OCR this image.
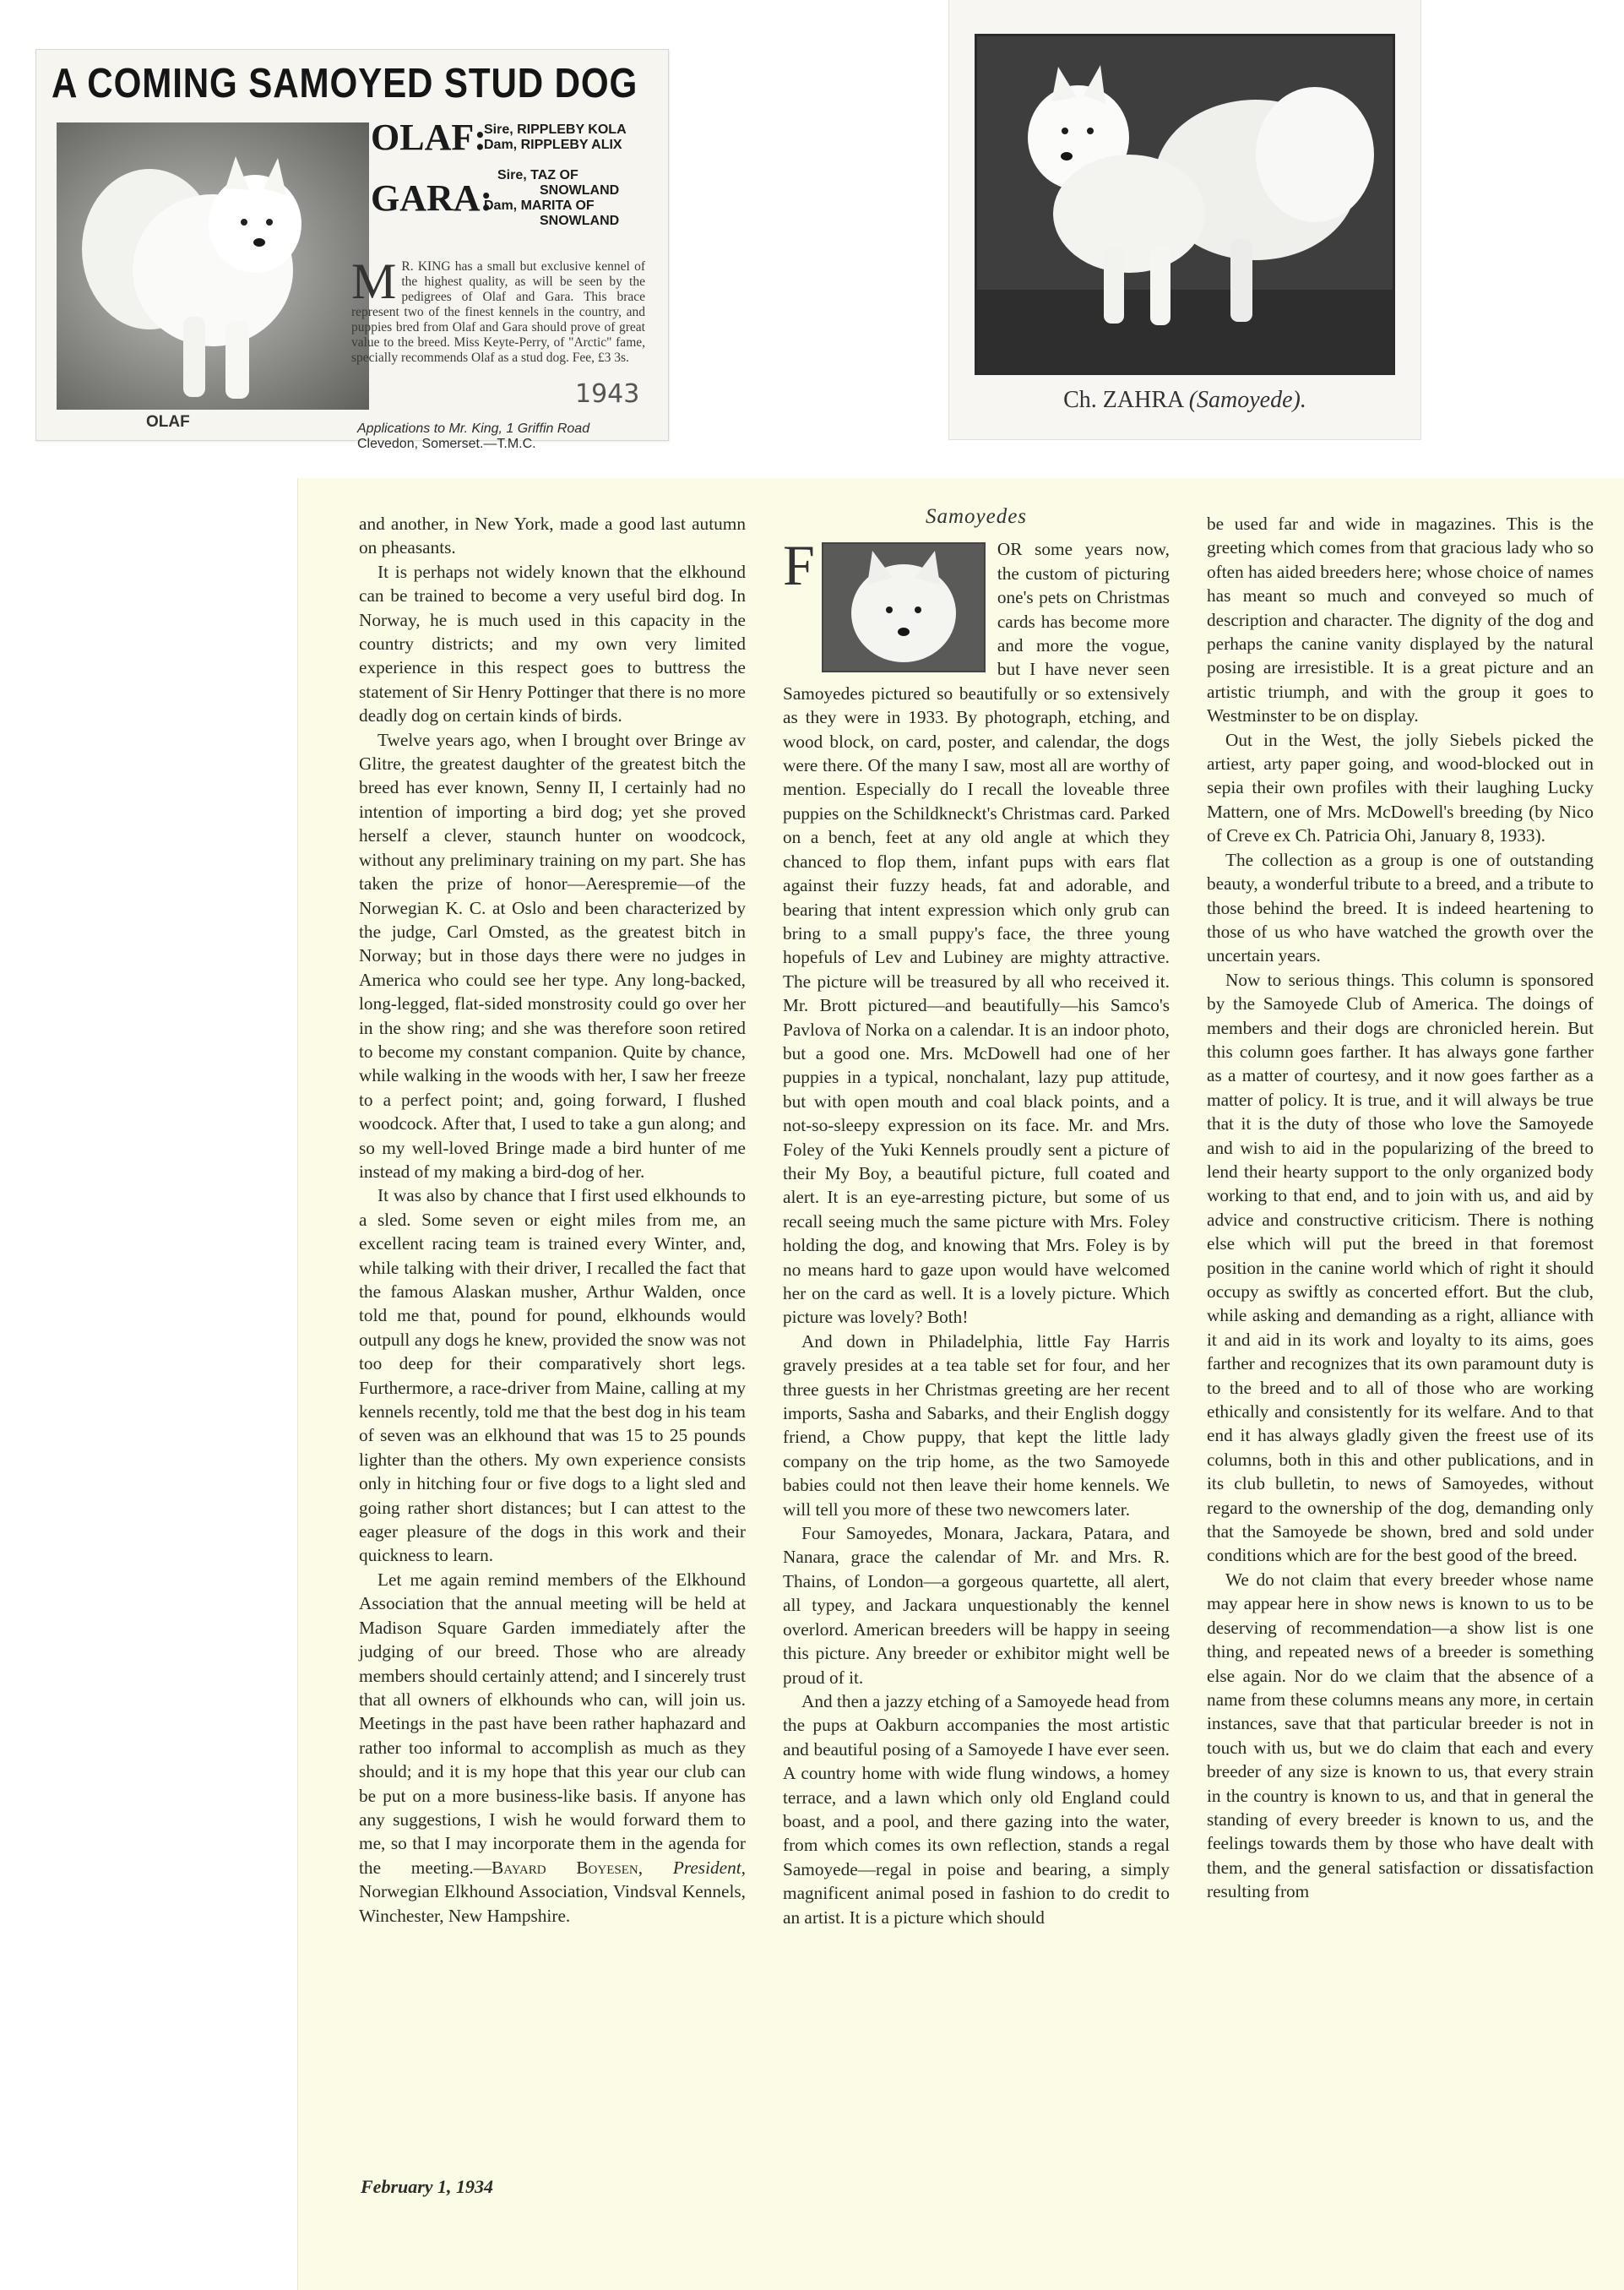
A COMING SAMOYED STUD DOG
OLAF:
Sire, RIPPLEBY KOLA
Dam, RIPPLEBY ALIX
GARA:
Sire, TAZ OF
SNOWLAND
Dam, MARITA OF
SNOWLAND
M R. KING has a small but exclusive kennel of the highest quality, as will be seen by the pedigrees of Olaf and Gara. This brace represent two of the finest kennels in the country, and puppies bred from Olaf and Gara should prove of great value to the breed. Miss Keyte-Perry, of "Arctic" fame, specially recommends Olaf as a stud dog. Fee, £3 3s.
1943
Applications to Mr. King, 1 Griffin Road
Clevedon, Somerset.—T.M.C.
OLAF
Ch. ZAHRA (Samoyede).

and another, in New York, made a good last autumn on pheasants.

It is perhaps not widely known that the elkhound can be trained to become a very useful bird dog. In Norway, he is much used in this capacity in the country districts; and my own very limited experience in this respect goes to buttress the statement of Sir Henry Pottinger that there is no more deadly dog on certain kinds of birds.

Twelve years ago, when I brought over Bringe av Glitre, the greatest daughter of the greatest bitch the breed has ever known, Senny II, I certainly had no intention of importing a bird dog; yet she proved herself a clever, staunch hunter on woodcock, without any preliminary training on my part. She has taken the prize of honor—Aerespremie—of the Norwegian K. C. at Oslo and been characterized by the judge, Carl Omsted, as the greatest bitch in Norway; but in those days there were no judges in America who could see her type. Any long-backed, long-legged, flat-sided monstrosity could go over her in the show ring; and she was therefore soon retired to become my constant companion. Quite by chance, while walking in the woods with her, I saw her freeze to a perfect point; and, going forward, I flushed woodcock. After that, I used to take a gun along; and so my well-loved Bringe made a bird hunter of me instead of my making a bird-dog of her.

It was also by chance that I first used elkhounds to a sled. Some seven or eight miles from me, an excellent racing team is trained every Winter, and, while talking with their driver, I recalled the fact that the famous Alaskan musher, Arthur Walden, once told me that, pound for pound, elkhounds would outpull any dogs he knew, provided the snow was not too deep for their comparatively short legs. Furthermore, a race-driver from Maine, calling at my kennels recently, told me that the best dog in his team of seven was an elkhound that was 15 to 25 pounds lighter than the others. My own experience consists only in hitching four or five dogs to a light sled and going rather short distances; but I can attest to the eager pleasure of the dogs in this work and their quickness to learn.

Let me again remind members of the Elkhound Association that the annual meeting will be held at Madison Square Garden immediately after the judging of our breed. Those who are already members should certainly attend; and I sincerely trust that all owners of elkhounds who can, will join us. Meetings in the past have been rather haphazard and rather too informal to accomplish as much as they should; and it is my hope that this year our club can be put on a more business-like basis. If anyone has any suggestions, I wish he would forward them to me, so that I may incorporate them in the agenda for the meeting.—Bayard Boyesen, President, Norwegian Elkhound Association, Vindsval Kennels, Winchester, New Hampshire.

Samoyedes

F	OR some years now, the custom of picturing one's pets on Christmas cards has become more and more the vogue, but I have never seen Samoyedes pictured so beautifully or so extensively as they were in 1933. By photograph, etching, and wood block, on card, poster, and calendar, the dogs were there. Of the many I saw, most all are worthy of mention. Especially do I recall the loveable three puppies on the Schildkneckt's Christmas card. Parked on a bench, feet at any old angle at which they chanced to flop them, infant pups with ears flat against their fuzzy heads, fat and adorable, and bearing that intent expression which only grub can bring to a small puppy's face, the three young hopefuls of Lev and Lubiney are mighty attractive. The picture will be treasured by all who received it. Mr. Brott pictured—and beautifully—his Samco's Pavlova of Norka on a calendar. It is an indoor photo, but a good one. Mrs. McDowell had one of her puppies in a typical, nonchalant, lazy pup attitude, but with open mouth and coal black points, and a not-so-sleepy expression on its face. Mr. and Mrs. Foley of the Yuki Kennels proudly sent a picture of their My Boy, a beautiful picture, full coated and alert. It is an eye-arresting picture, but some of us recall seeing much the same picture with Mrs. Foley holding the dog, and knowing that Mrs. Foley is by no means hard to gaze upon would have welcomed her on the card as well. It is a lovely picture. Which picture was lovely? Both!

And down in Philadelphia, little Fay Harris gravely presides at a tea table set for four, and her three guests in her Christmas greeting are her recent imports, Sasha and Sabarks, and their English doggy friend, a Chow puppy, that kept the little lady company on the trip home, as the two Samoyede babies could not then leave their home kennels. We will tell you more of these two newcomers later.

Four Samoyedes, Monara, Jackara, Patara, and Nanara, grace the calendar of Mr. and Mrs. R. Thains, of London—a gorgeous quartette, all alert, all typey, and Jackara unquestionably the kennel overlord. American breeders will be happy in seeing this picture. Any breeder or exhibitor might well be proud of it.

And then a jazzy etching of a Samoyede head from the pups at Oakburn accompanies the most artistic and beautiful posing of a Samoyede I have ever seen. A country home with wide flung windows, a homey terrace, and a lawn which only old England could boast, and a pool, and there gazing into the water, from which comes its own reflection, stands a regal Samoyede—regal in poise and bearing, a simply magnificent animal posed in fashion to do credit to an artist. It is a picture which should

be used far and wide in magazines. This is the greeting which comes from that gracious lady who so often has aided breeders here; whose choice of names has meant so much and conveyed so much of description and character. The dignity of the dog and perhaps the canine vanity displayed by the natural posing are irresistible. It is a great picture and an artistic triumph, and with the group it goes to Westminster to be on display.

Out in the West, the jolly Siebels picked the artiest, arty paper going, and wood-blocked out in sepia their own profiles with their laughing Lucky Mattern, one of Mrs. McDowell's breeding (by Nico of Creve ex Ch. Patricia Ohi, January 8, 1933).

The collection as a group is one of outstanding beauty, a wonderful tribute to a breed, and a tribute to those behind the breed. It is indeed heartening to those of us who have watched the growth over the uncertain years.

Now to serious things. This column is sponsored by the Samoyede Club of America. The doings of members and their dogs are chronicled herein. But this column goes farther. It has always gone farther as a matter of courtesy, and it now goes farther as a matter of policy. It is true, and it will always be true that it is the duty of those who love the Samoyede and wish to aid in the popularizing of the breed to lend their hearty support to the only organized body working to that end, and to join with us, and aid by advice and constructive criticism. There is nothing else which will put the breed in that foremost position in the canine world which of right it should occupy as swiftly as concerted effort. But the club, while asking and demanding as a right, alliance with it and aid in its work and loyalty to its aims, goes farther and recognizes that its own paramount duty is to the breed and to all of those who are working ethically and consistently for its welfare. And to that end it has always gladly given the freest use of its columns, both in this and other publications, and in its club bulletin, to news of Samoyedes, without regard to the ownership of the dog, demanding only that the Samoyede be shown, bred and sold under conditions which are for the best good of the breed.

We do not claim that every breeder whose name may appear here in show news is known to us to be deserving of recommendation—a show list is one thing, and repeated news of a breeder is something else again. Nor do we claim that the absence of a name from these columns means any more, in certain instances, save that that particular breeder is not in touch with us, but we do claim that each and every breeder of any size is known to us, that every strain in the country is known to us, and that in general the standing of every breeder is known to us, and the feelings towards them by those who have dealt with them, and the general satisfaction or dissatisfaction resulting from

February 1, 1934
